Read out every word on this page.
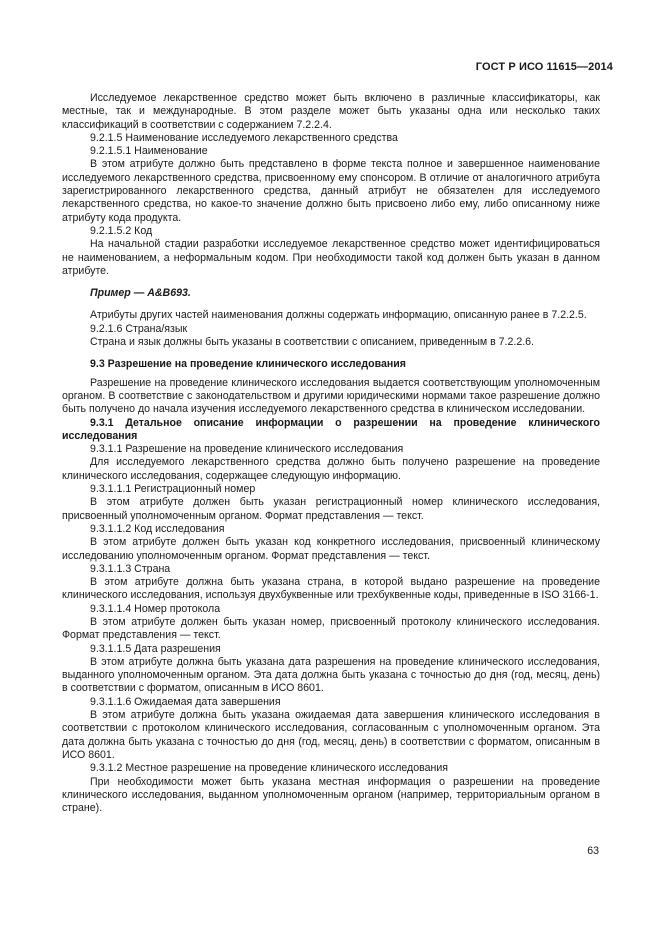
ГОСТ Р ИСО 11615—2014

Исследуемое лекарственное средство может быть включено в различные классификаторы, как местные, так и международные. В этом разделе может быть указаны одна или несколько таких классификаций в соответствии с содержанием 7.2.2.4.

9.2.1.5 Наименование исследуемого лекарственного средства

9.2.1.5.1 Наименование

В этом атрибуте должно быть представлено в форме текста полное и завершенное наименование исследуемого лекарственного средства, присвоенному ему спонсором. В отличие от аналогичного атрибута зарегистрированного лекарственного средства, данный атрибут не обязателен для исследуемого лекарственного средства, но какое-то значение должно быть присвоено либо ему, либо описанному ниже атрибуту кода продукта.

9.2.1.5.2 Код

На начальной стадии разработки исследуемое лекарственное средство может идентифицироваться не наименованием, а неформальным кодом. При необходимости такой код должен быть указан в данном атрибуте.

Пример — A&B693.

Атрибуты других частей наименования должны содержать информацию, описанную ранее в 7.2.2.5.

9.2.1.6 Страна/язык

Страна и язык должны быть указаны в соответствии с описанием, приведенным в 7.2.2.6.

9.3 Разрешение на проведение клинического исследования

Разрешение на проведение клинического исследования выдается соответствующим уполномоченным органом. В соответствие с законодательством и другими юридическими нормами такое разрешение должно быть получено до начала изучения исследуемого лекарственного средства в клиническом исследовании.

9.3.1 Детальное описание информации о разрешении на проведение клинического исследования

9.3.1.1 Разрешение на проведение клинического исследования

Для исследуемого лекарственного средства должно быть получено разрешение на проведение клинического исследования, содержащее следующую информацию.

9.3.1.1.1 Регистрационный номер

В этом атрибуте должен быть указан регистрационный номер клинического исследования, присвоенный уполномоченным органом. Формат представления — текст.

9.3.1.1.2 Код исследования

В этом атрибуте должен быть указан код конкретного исследования, присвоенный клиническому исследованию уполномоченным органом. Формат представления — текст.

9.3.1.1.3 Страна

В этом атрибуте должна быть указана страна, в которой выдано разрешение на проведение клинического исследования, используя двухбуквенные или трехбуквенные коды, приведенные в ISO 3166-1.

9.3.1.1.4 Номер протокола

В этом атрибуте должен быть указан номер, присвоенный протоколу клинического исследования. Формат представления — текст.

9.3.1.1.5 Дата разрешения

В этом атрибуте должна быть указана дата разрешения на проведение клинического исследования, выданного уполномоченным органом. Эта дата должна быть указана с точностью до дня (год, месяц, день) в соответствии с форматом, описанным в ИСО 8601.

9.3.1.1.6 Ожидаемая дата завершения

В этом атрибуте должна быть указана ожидаемая дата завершения клинического исследования в соответствии с протоколом клинического исследования, согласованным с уполномоченным органом. Эта дата должна быть указана с точностью до дня (год, месяц, день) в соответствии с форматом, описанным в ИСО 8601.

9.3.1.2 Местное разрешение на проведение клинического исследования

При необходимости может быть указана местная информация о разрешении на проведение клинического исследования, выданном уполномоченным органом (например, территориальным органом в стране).

63
